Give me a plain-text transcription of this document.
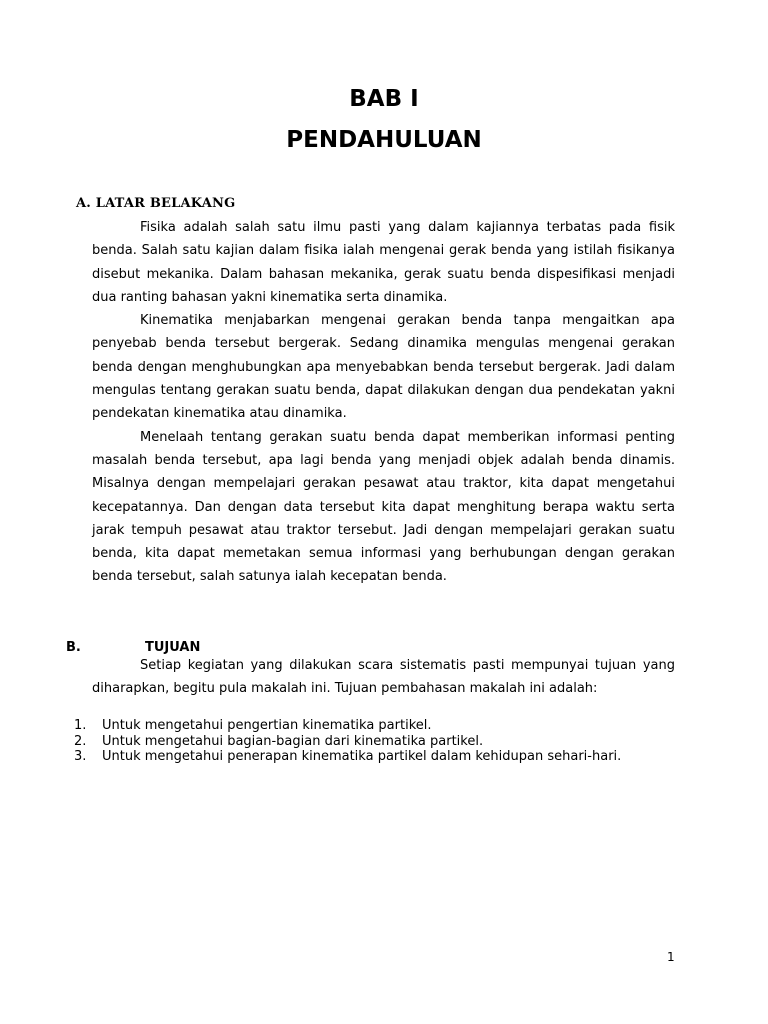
BAB I
PENDAHULUAN
A. LATAR BELAKANG

Fisika adalah salah satu ilmu pasti yang dalam kajiannya terbatas pada fisik benda. Salah satu kajian dalam fisika ialah mengenai gerak benda yang istilah fisikanya disebut mekanika. Dalam bahasan mekanika, gerak suatu benda dispesifikasi menjadi dua ranting bahasan yakni kinematika serta dinamika.

Kinematika menjabarkan mengenai gerakan benda tanpa mengaitkan apa penyebab benda tersebut bergerak. Sedang dinamika mengulas mengenai gerakan benda dengan menghubungkan apa menyebabkan benda tersebut bergerak. Jadi dalam mengulas tentang gerakan suatu benda, dapat dilakukan dengan dua pendekatan yakni pendekatan kinematika atau dinamika.

Menelaah tentang gerakan suatu benda dapat memberikan informasi penting masalah benda tersebut, apa lagi benda yang menjadi objek adalah benda dinamis. Misalnya dengan mempelajari gerakan pesawat atau traktor, kita dapat mengetahui kecepatannya. Dan dengan data tersebut kita dapat menghitung berapa waktu serta jarak tempuh pesawat atau traktor tersebut. Jadi dengan mempelajari gerakan suatu benda, kita dapat memetakan semua informasi yang berhubungan dengan gerakan benda tersebut, salah satunya ialah kecepatan benda.

B.	TUJUAN

Setiap kegiatan yang dilakukan scara sistematis pasti mempunyai tujuan yang diharapkan, begitu pula makalah ini. Tujuan pembahasan makalah ini adalah:

1. Untuk mengetahui pengertian kinematika partikel.
2. Untuk mengetahui bagian-bagian dari kinematika partikel.
3. Untuk mengetahui penerapan kinematika partikel dalam kehidupan sehari-hari.
1
